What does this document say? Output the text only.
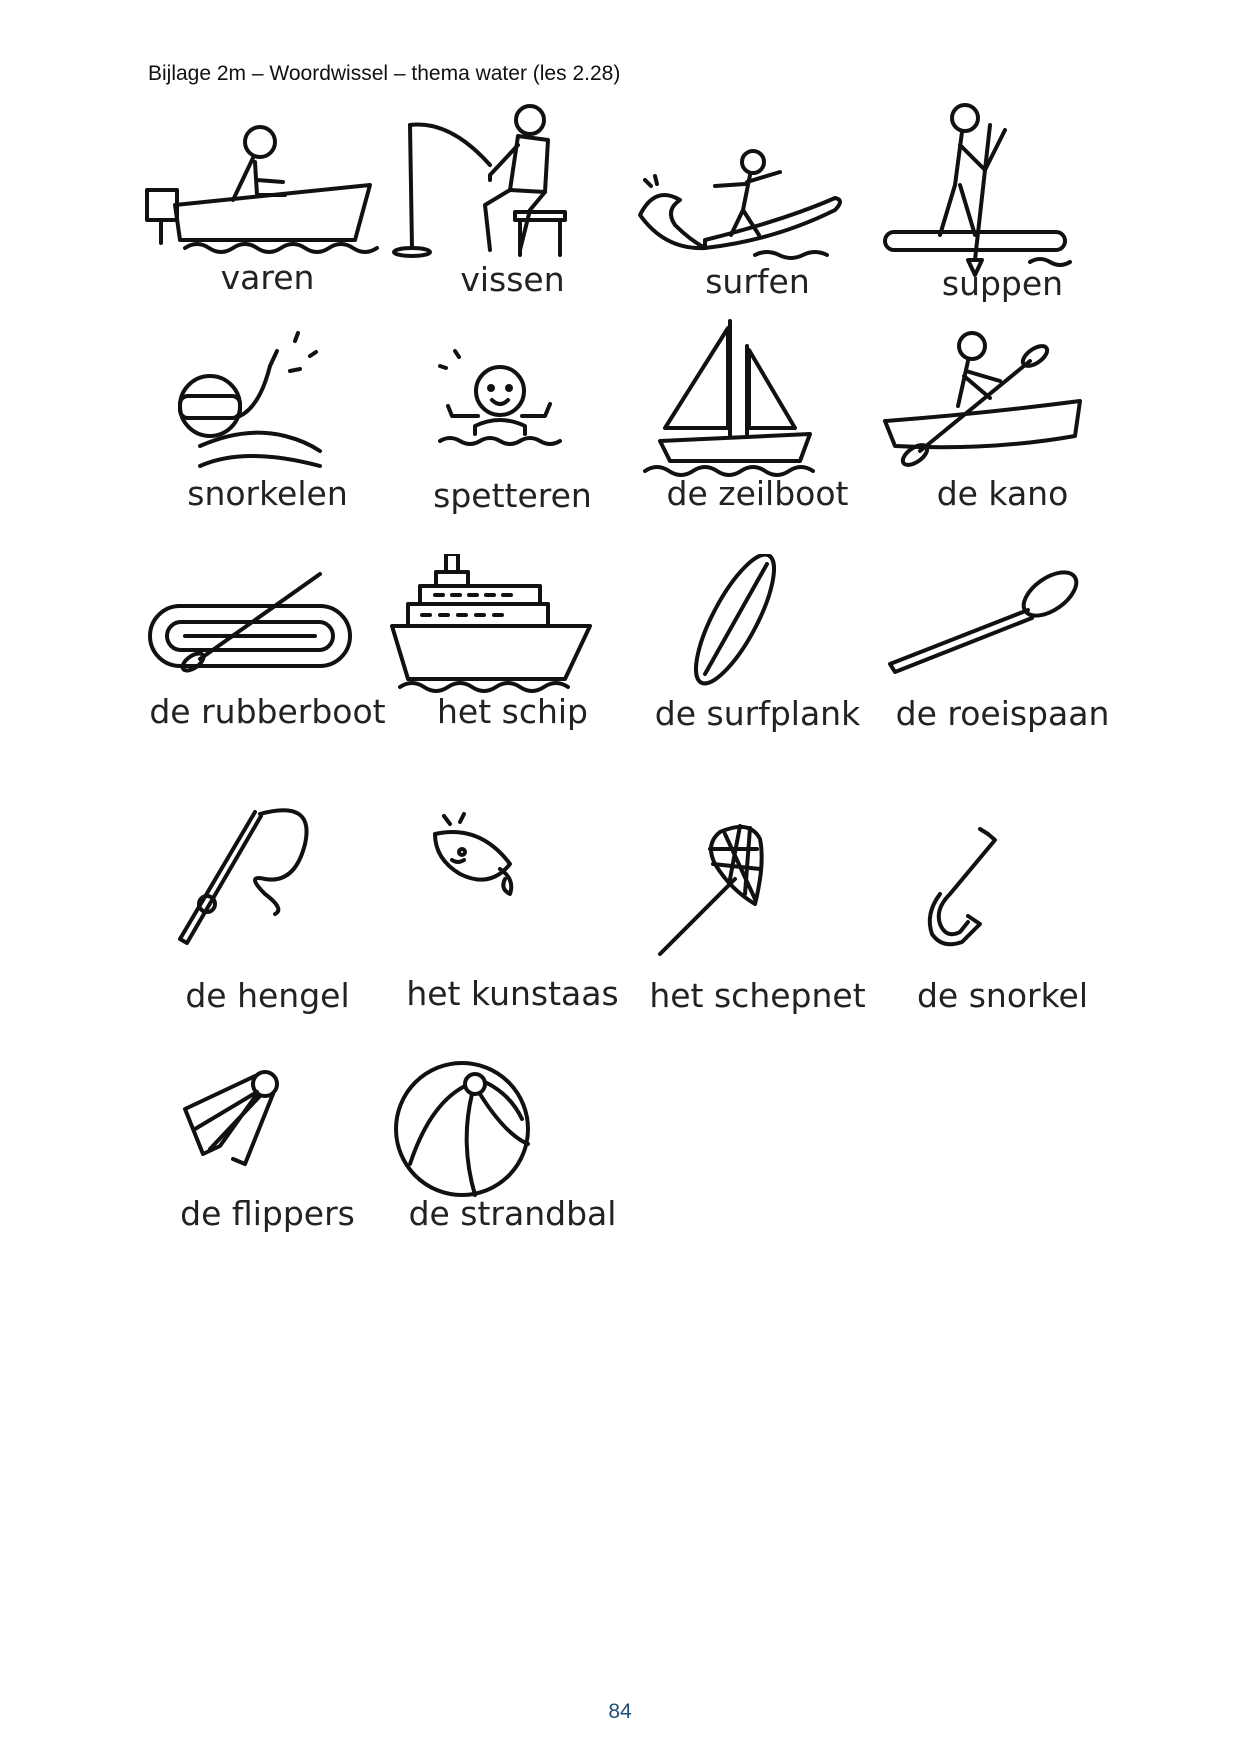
Bijlage 2m – Woordwissel – thema water (les 2.28)
varen	vissen	surfen	suppen
snorkelen	spetteren	de zeilboot	de kano
de rubberboot	het schip	de surfplank	de roeispaan
de hengel	het kunstaas het schepnet	de snorkel
de flippers	de strandbal
84
